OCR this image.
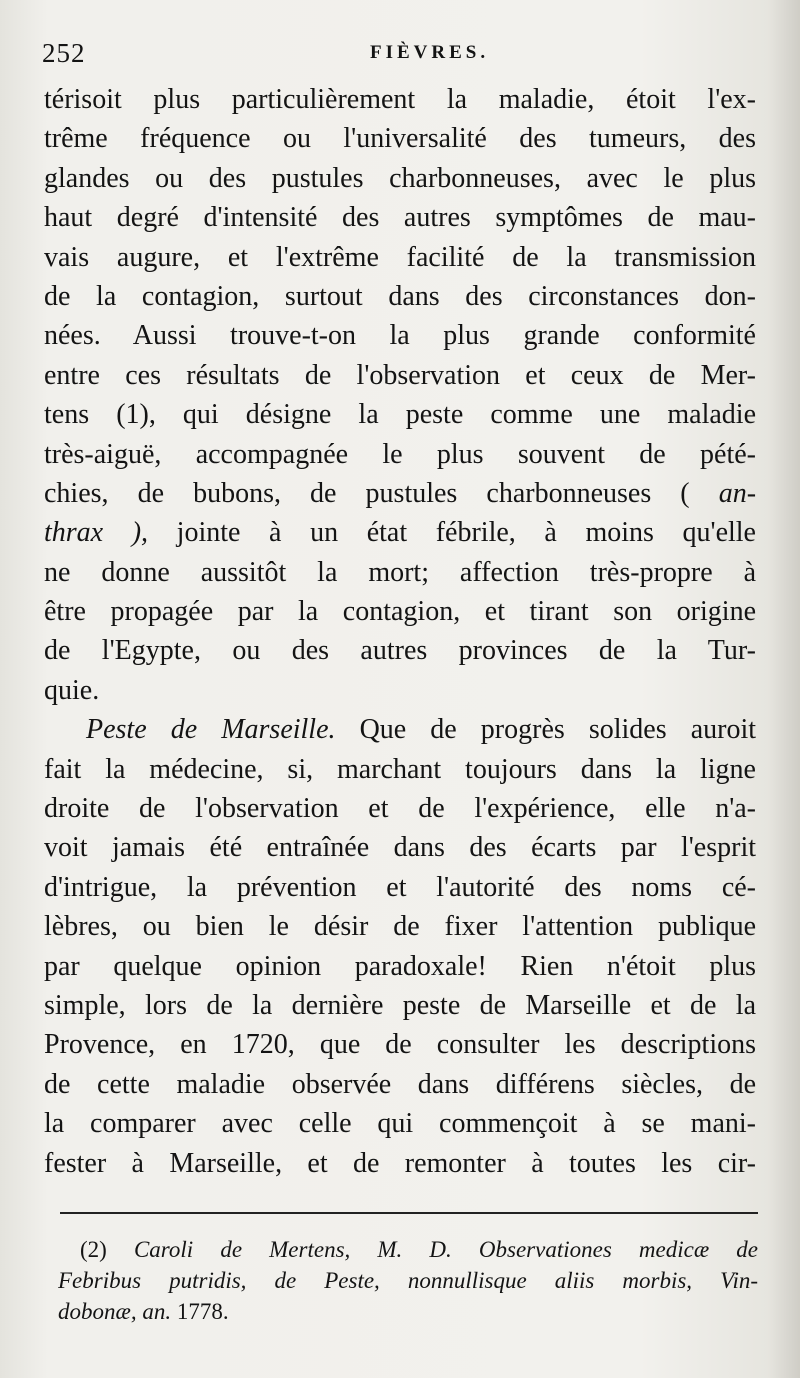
252	FIÈVRES.
térisoit plus particulièrement la maladie, étoit l'ex-
trême fréquence ou l'universalité des tumeurs, des
glandes ou des pustules charbonneuses, avec le plus
haut degré d'intensité des autres symptômes de mau-
vais augure, et l'extrême facilité de la transmission
de la contagion, surtout dans des circonstances don-
nées. Aussi trouve-t-on la plus grande conformité
entre ces résultats de l'observation et ceux de Mer-
tens (1), qui désigne la peste comme une maladie
très-aiguë, accompagnée le plus souvent de pété-
chies, de bubons, de pustules charbonneuses ( an-
thrax ), jointe à un état fébrile, à moins qu'elle
ne donne aussitôt la mort; affection très-propre à
être propagée par la contagion, et tirant son origine
de l'Egypte, ou des autres provinces de la Tur-
quie.
Peste de Marseille. Que de progrès solides auroit
fait la médecine, si, marchant toujours dans la ligne
droite de l'observation et de l'expérience, elle n'a-
voit jamais été entraînée dans des écarts par l'esprit
d'intrigue, la prévention et l'autorité des noms cé-
lèbres, ou bien le désir de fixer l'attention publique
par quelque opinion paradoxale! Rien n'étoit plus
simple, lors de la dernière peste de Marseille et de la
Provence, en 1720, que de consulter les descriptions
de cette maladie observée dans différens siècles, de
la comparer avec celle qui commençoit à se mani-
fester à Marseille, et de remonter à toutes les cir-
(2) Caroli de Mertens, M. D. Observationes medicæ de
Febribus putridis, de Peste, nonnullisque aliis morbis, Vin-
dobonæ, an. 1778.
